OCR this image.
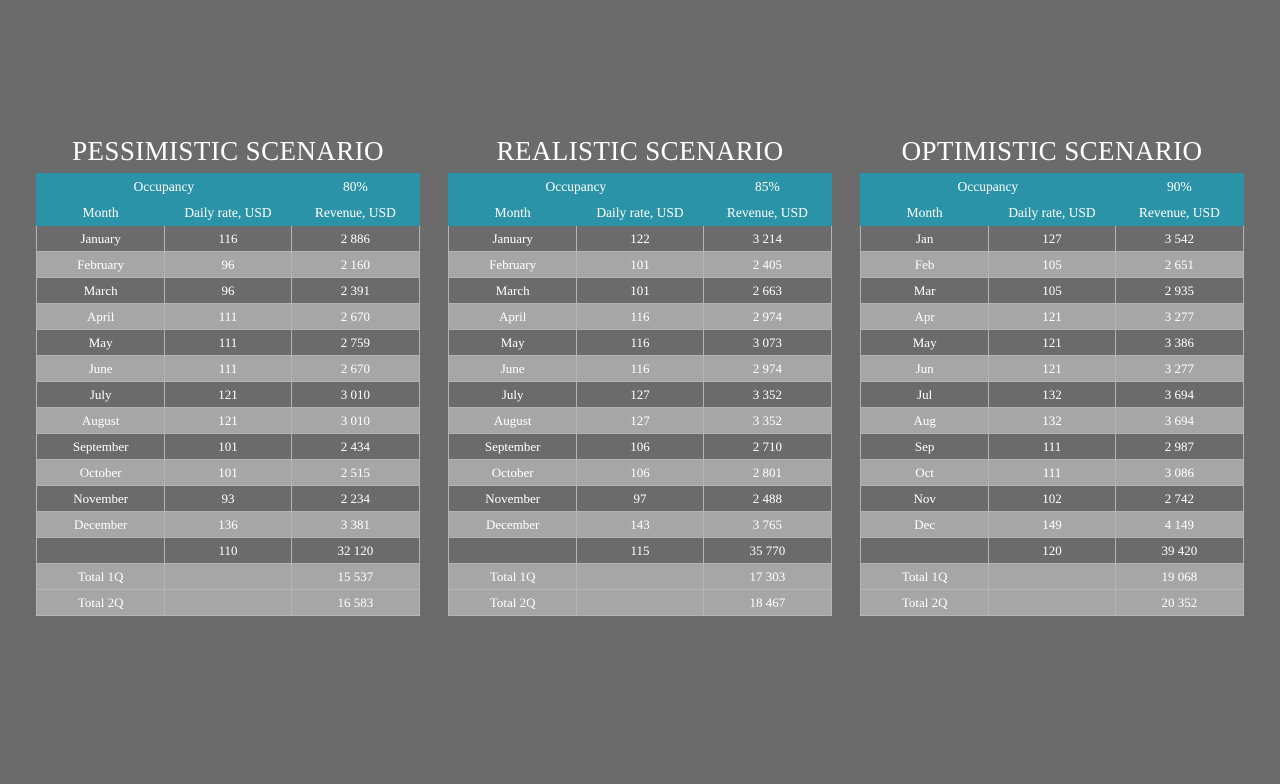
PESSIMISTIC SCENARIO
Occupancy		80%
Month	Daily rate, USD	Revenue, USD
January	116	2 886
February	96	2 160
March	96	2 391
April	111	2 670
May	111	2 759
June	111	2 670
July	121	3 010
August	121	3 010
September	101	2 434
October	101	2 515
November	93	2 234
December	136	3 381
	110	32 120
Total 1Q		15 537
Total 2Q		16 583
REALISTIC SCENARIO
Occupancy		85%
Month	Daily rate, USD	Revenue, USD
January	122	3 214
February	101	2 405
March	101	2 663
April	116	2 974
May	116	3 073
June	116	2 974
July	127	3 352
August	127	3 352
September	106	2 710
October	106	2 801
November	97	2 488
December	143	3 765
	115	35 770
Total 1Q		17 303
Total 2Q		18 467
OPTIMISTIC SCENARIO
Occupancy		90%
Month	Daily rate, USD	Revenue, USD
Jan	127	3 542
Feb	105	2 651
Mar	105	2 935
Apr	121	3 277
May	121	3 386
Jun	121	3 277
Jul	132	3 694
Aug	132	3 694
Sep	111	2 987
Oct	111	3 086
Nov	102	2 742
Dec	149	4 149
	120	39 420
Total 1Q		19 068
Total 2Q		20 352
